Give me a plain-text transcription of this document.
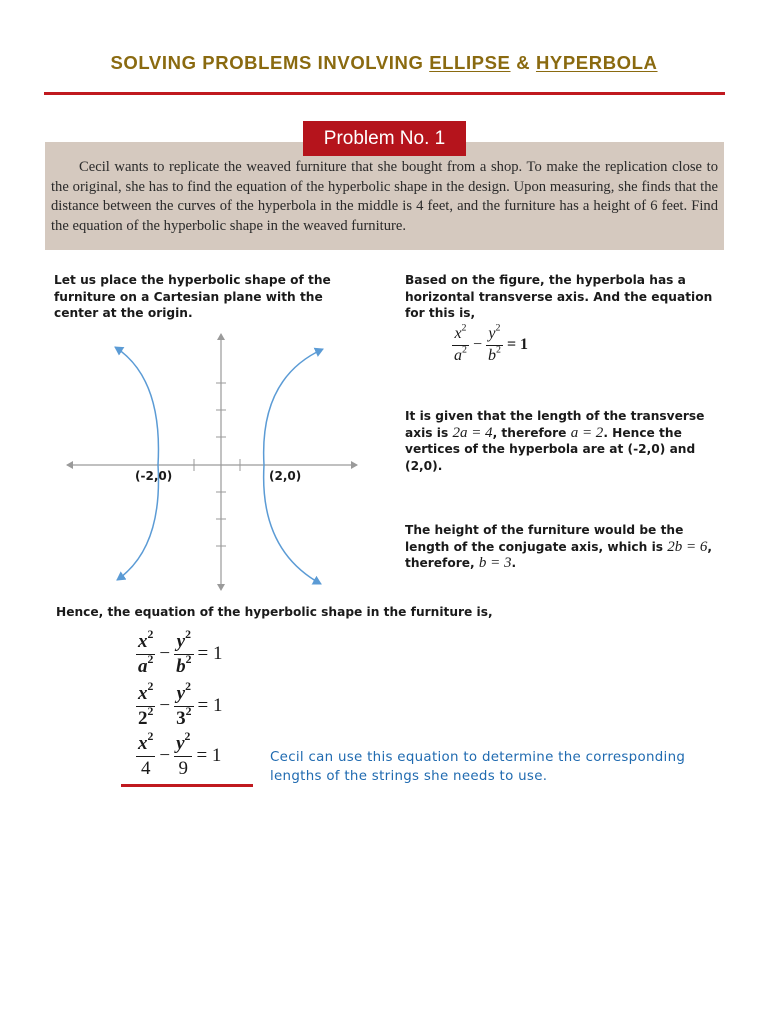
SOLVING PROBLEMS INVOLVING ELLIPSE & HYPERBOLA
Cecil wants to replicate the weaved furniture that she bought from a shop. To make the replication close to the original, she has to find the equation of the hyperbolic shape in the design. Upon measuring, she finds that the distance between the curves of the hyperbola in the middle is 4 feet, and the furniture has a height of 6 feet. Find the equation of the hyperbolic shape in the weaved furniture.
Problem No. 1
Let us place the hyperbolic shape of the furniture on a Cartesian plane with the center at the origin.
(-2,0)	(2,0)
Based on the figure, the hyperbola has a horizontal transverse axis. And the equation for this is,
$\frac{x^2}{a^2} - \frac{y^2}{b^2} = 1$
It is given that the length of the transverse axis is 2a = 4, therefore a = 2. Hence the vertices of the hyperbola are at (-2,0) and (2,0).
The height of the furniture would be the length of the conjugate axis, which is 2b = 6, therefore, b = 3.
Hence, the equation of the hyperbolic shape in the furniture is,
$\frac{x^2}{a^2} - \frac{y^2}{b^2} = 1$
$\frac{x^2}{2^2} - \frac{y^2}{3^2} = 1$
$\frac{x^2}{4} - \frac{y^2}{9} = 1$	Cecil can use this equation to determine the corresponding lengths of the strings she needs to use.
